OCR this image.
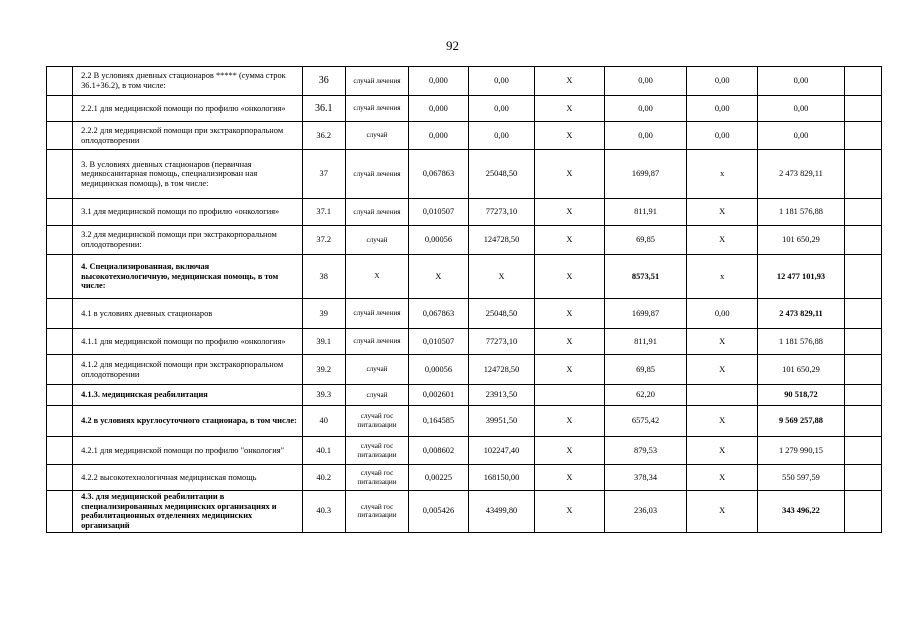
92
	2.2 В условиях дневных стационаров ***** (сумма строк 36.1+36.2), в том числе:	36	случай лечения	0,000	0,00	X	0,00	0,00	0,00	
	2.2.1 для медицинской помощи по профилю «онкология»	36.1	случай лечения	0,000	0,00	X	0,00	0,00	0,00	
	2.2.2 для медицинской помощи при экстракорпоральном оплодотворении	36.2	случай	0,000	0,00	X	0,00	0,00	0,00	
	3. В условиях дневных стационаров (первичная медикосанитарная помощь, специализирован ная медицинская помощь), в том числе:	37	случай лечения	0,067863	25048,50	X	1699,87	x	2 473 829,11	
	3.1 для медицинской помощи по профилю «онкология»	37.1	случай лечения	0,010507	77273,10	X	811,91	X	1 181 576,88	
	3.2 для медицинской помощи при экстракорпоральном оплодотворении:	37.2	случай	0,00056	124728,50	X	69,85	X	101 650,29	
	4. Специализированная, включая высокотехнологичную, медицинская помощь, в том числе:	38	X	X	X	X	8573,51	x	12 477 101,93	
	4.1 в условиях дневных стационаров	39	случай лечения	0,067863	25048,50	X	1699,87	0,00	2 473 829,11	
	4.1.1 для медицинской помощи по профилю «онкология»	39.1	случай лечения	0,010507	77273,10	X	811,91	X	1 181 576,88	
	4.1.2 для медицинской помощи при экстракорпоральном оплодотворении	39.2	случай	0,00056	124728,50	X	69,85	X	101 650,29	
	4.1.3. медицинская реабилитация	39.3	случай	0,002601	23913,50		62,20		90 518,72	
	4.2 в условиях круглосуточного стационара, в том числе:	40	случай гос питализации	0,164585	39951,50	X	6575,42	X	9 569 257,88	
	4.2.1 для медицинской помощи по профилю "онкология"	40.1	случай гос питализации	0,008602	102247,40	X	879,53	X	1 279 990,15	
	4.2.2 высокотехнологичная медицинская помощь	40.2	случай гос питализации	0,00225	168150,00	X	378,34	X	550 597,59	
	4.3. для медицинской реабилитации в специализированных медицинских организациях и реабилитационных отделениях медицинских организаций	40.3	случай гос питализации	0,005426	43499,80	X	236,03	X	343 496,22	
